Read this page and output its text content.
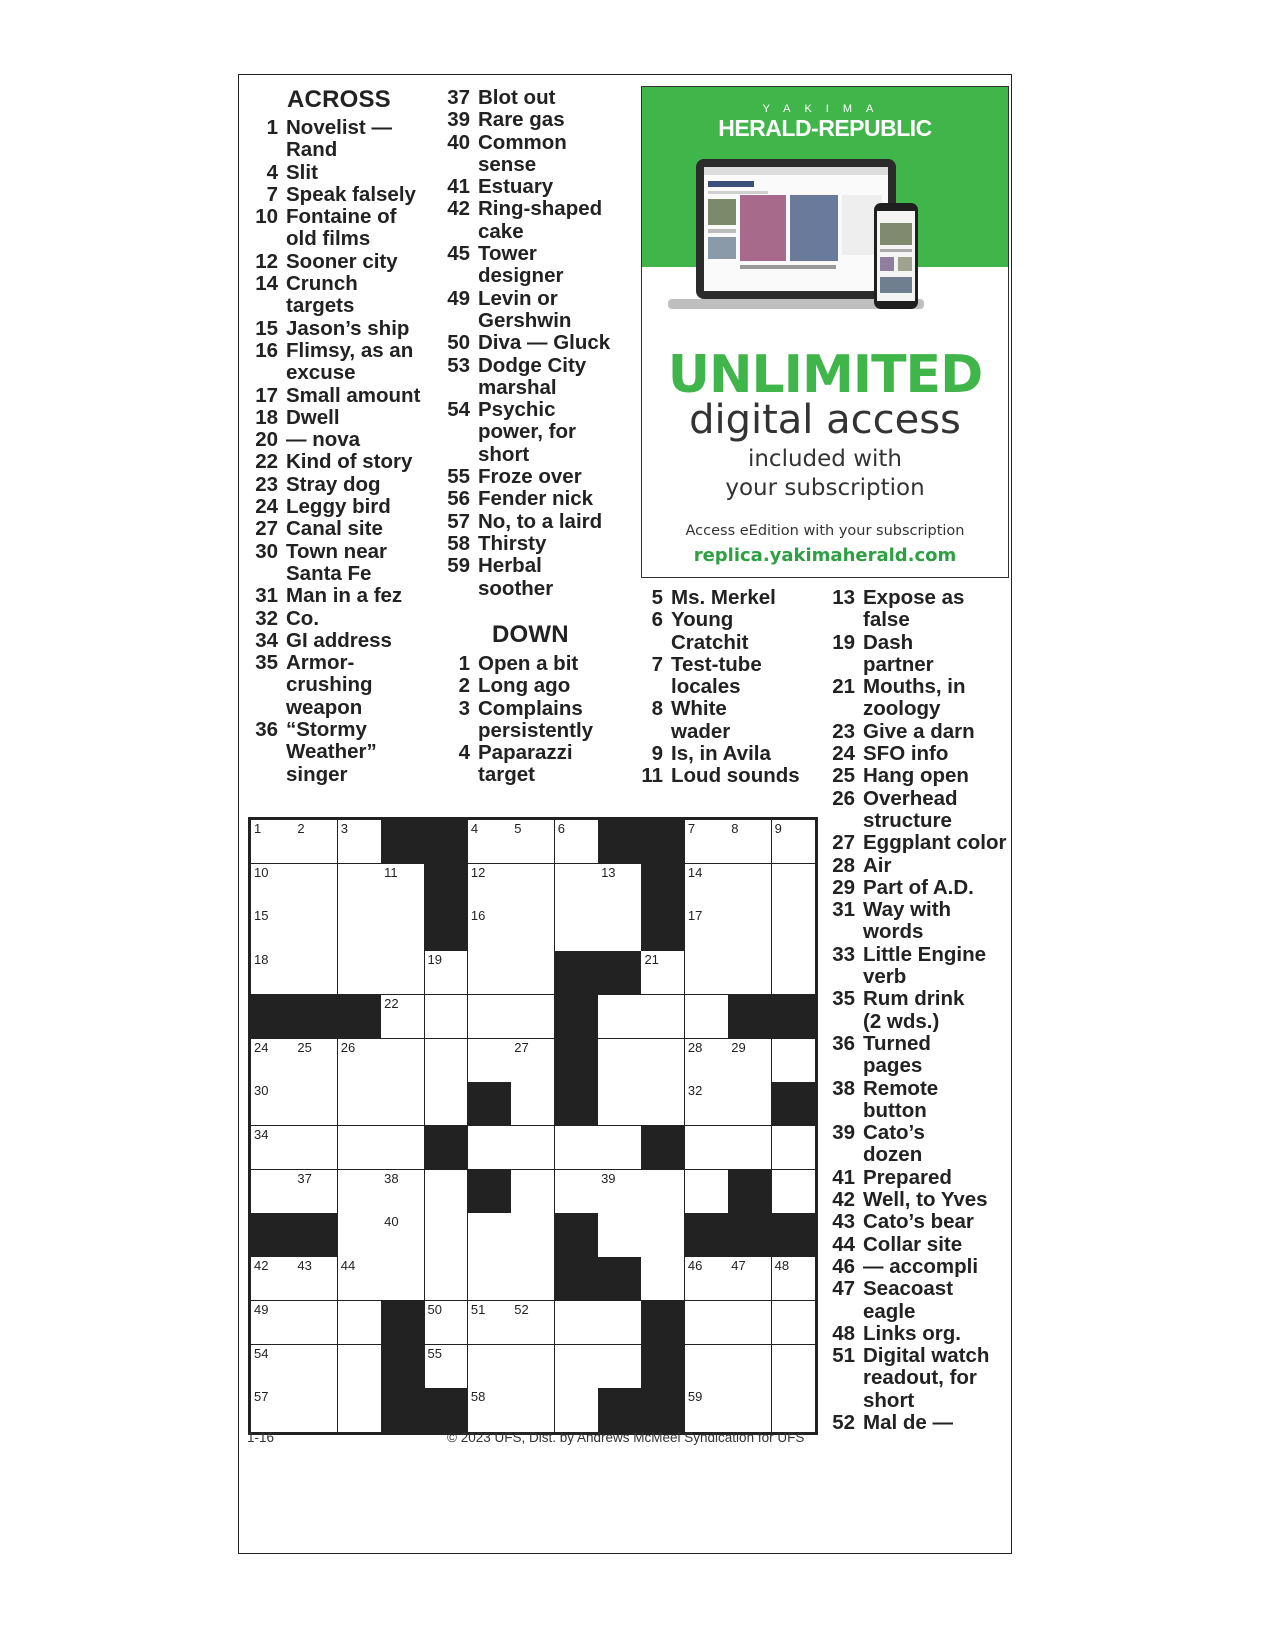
ACROSS
1 Novelist —
Rand
4 Slit
7 Speak falsely
10 Fontaine of
old films
12 Sooner city
14 Crunch
targets
15 Jason’s ship
16 Flimsy, as an
excuse
17 Small amount
18 Dwell
20 — nova
22 Kind of story
23 Stray dog
24 Leggy bird
27 Canal site
30 Town near
Santa Fe
31 Man in a fez
32 Co.
34 GI address
35 Armor-
crushing
weapon
36 “Stormy
Weather”
singer
37 Blot out
39 Rare gas
40 Common
sense
41 Estuary
42 Ring-shaped
cake
45 Tower
designer
49 Levin or
Gershwin
50 Diva — Gluck
53 Dodge City
marshal
54 Psychic
power, for
short
55 Froze over
56 Fender nick
57 No, to a laird
58 Thirsty
59 Herbal
soother
DOWN
1 Open a bit
2 Long ago
3 Complains
persistently
4 Paparazzi
target
5 Ms. Merkel
6 Young
Cratchit
7 Test-tube
locales
8 White
wader
9 Is, in Avila
11 Loud sounds
13 Expose as
false
19 Dash
partner
21 Mouths, in
zoology
23 Give a darn
24 SFO info
25 Hang open
26 Overhead
structure
27 Eggplant color
28 Air
29 Part of A.D.
31 Way with
words
33 Little Engine
verb
35 Rum drink
(2 wds.)
36 Turned
pages
38 Remote
button
39 Cato’s
dozen
41 Prepared
42 Well, to Yves
43 Cato’s bear
44 Collar site
46 — accompli
47 Seacoast
eagle
48 Links org.
51 Digital watch
readout, for
short
52 Mal de —
YAKIMA
HERALD-REPUBLIC
UNLIMITED
digital access
included with
your subscription
Access eEdition with your subscription
replica.yakimaherald.com
1	2	3	4	5	6	7	8	9
10	11	12	13	14
15	16	17
18	19	21
22
24 25 26	27	28 29
30	32
34
37	38	39
40
42 43 44	46 47 48
49	50 51 52
54	55
57	58	59
1-16	© 2023 UFS, Dist. by Andrews McMeel Syndication for UFS
